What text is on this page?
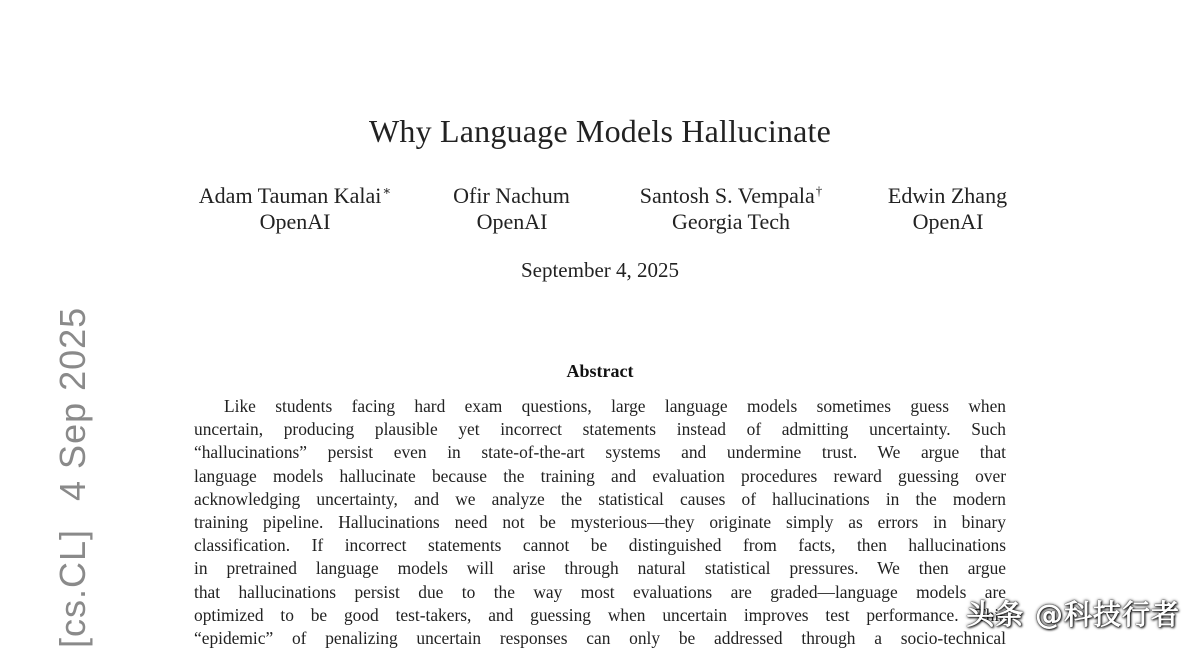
Why Language Models Hallucinate
Adam Tauman Kalai∗
OpenAI
Ofir Nachum
OpenAI
Santosh S. Vempala†
Georgia Tech
Edwin Zhang
OpenAI
September 4, 2025
Abstract
Like students facing hard exam questions, large language models sometimes guess when
uncertain, producing plausible yet incorrect statements instead of admitting uncertainty. Such
“hallucinations” persist even in state-of-the-art systems and undermine trust. We argue that
language models hallucinate because the training and evaluation procedures reward guessing over
acknowledging uncertainty, and we analyze the statistical causes of hallucinations in the modern
training pipeline. Hallucinations need not be mysterious—they originate simply as errors in binary
classification. If incorrect statements cannot be distinguished from facts, then hallucinations
in pretrained language models will arise through natural statistical pressures. We then argue
that hallucinations persist due to the way most evaluations are graded—language models are
optimized to be good test-takers, and guessing when uncertain improves test performance. This
“epidemic” of penalizing uncertain responses can only be addressed through a socio-technical
[cs.CL]4 Sep 2025
头条 @科技行者
